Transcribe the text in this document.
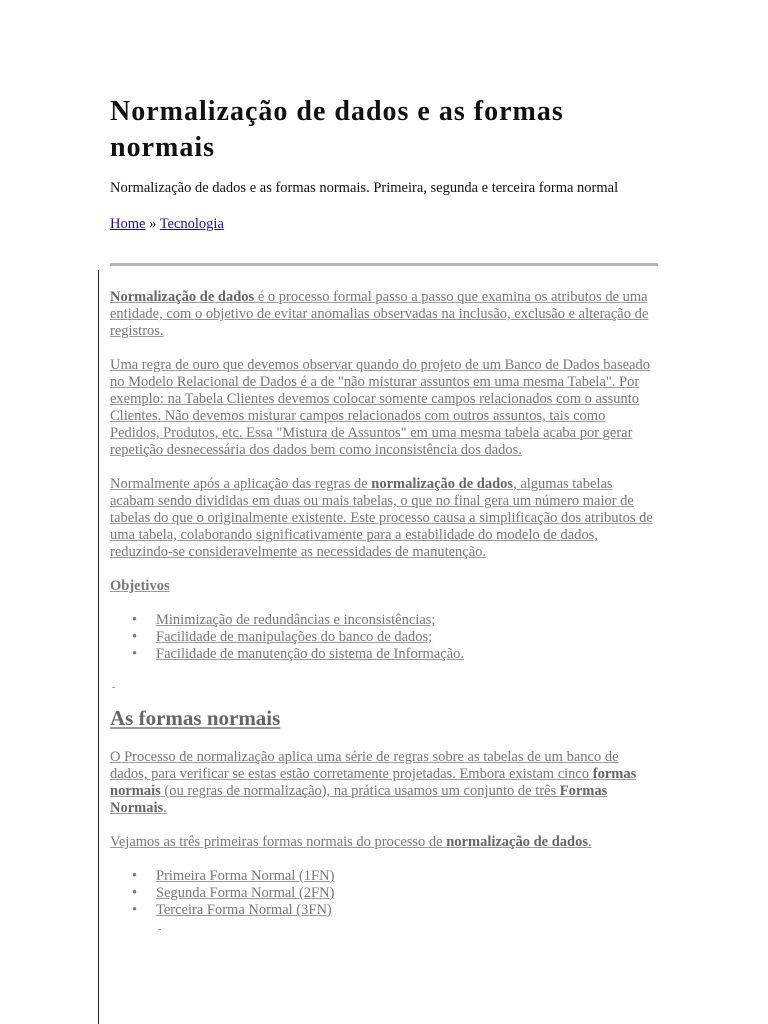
Normalização de dados e as formas normais
Normalização de dados e as formas normais. Primeira, segunda e terceira forma normal
Home » Tecnologia

Normalização de dados é o processo formal passo a passo que examina os atributos de uma entidade, com o objetivo de evitar anomalias observadas na inclusão, exclusão e alteração de registros.

Uma regra de ouro que devemos observar quando do projeto de um Banco de Dados baseado no Modelo Relacional de Dados é a de "não misturar assuntos em uma mesma Tabela". Por exemplo: na Tabela Clientes devemos colocar somente campos relacionados com o assunto Clientes. Não devemos misturar campos relacionados com outros assuntos, tais como Pedidos, Produtos, etc. Essa "Mistura de Assuntos" em uma mesma tabela acaba por gerar repetição desnecessária dos dados bem como inconsistência dos dados.

Normalmente após a aplicação das regras de normalização de dados, algumas tabelas acabam sendo divididas em duas ou mais tabelas, o que no final gera um número maior de tabelas do que o originalmente existente. Este processo causa a simplificação dos atributos de uma tabela, colaborando significativamente para a estabilidade do modelo de dados, reduzindo-se consideravelmente as necessidades de manutenção.

Objetivos
• Minimização de redundâncias e inconsistências;
• Facilidade de manipulações do banco de dados;
• Facilidade de manutenção do sistema de Informação.
-
As formas normais

O Processo de normalização aplica uma série de regras sobre as tabelas de um banco de dados, para verificar se estas estão corretamente projetadas. Embora existam cinco formas normais (ou regras de normalização), na prática usamos um conjunto de três Formas Normais.

Vejamos as três primeiras formas normais do processo de normalização de dados.

• Primeira Forma Normal (1FN)
• Segunda Forma Normal (2FN)
• Terceira Forma Normal (3FN)
-
